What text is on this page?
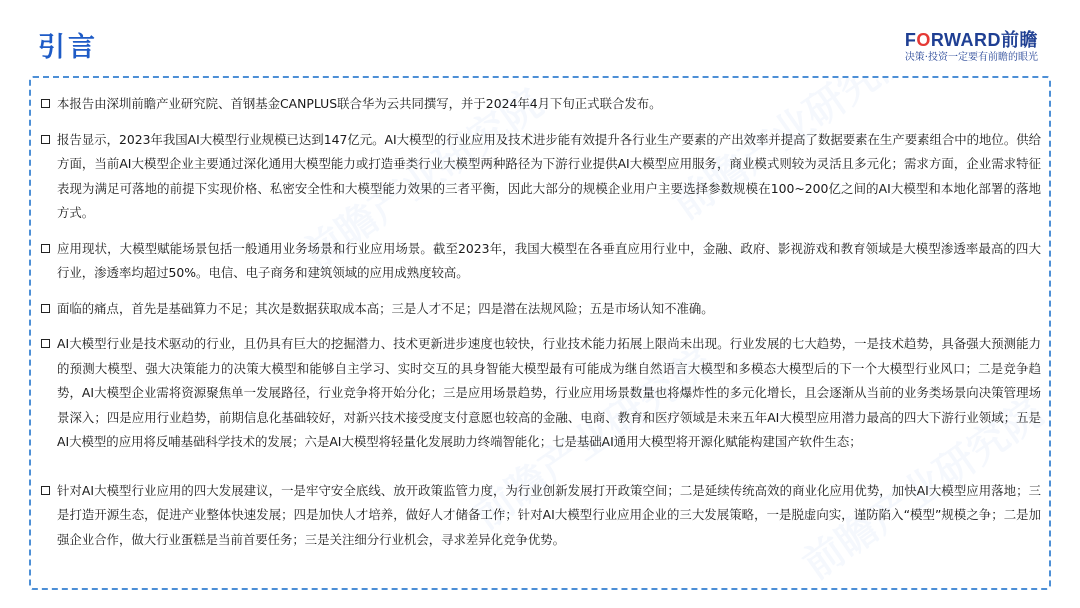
引言	FORWARD前瞻
决策·投资一定要有前瞻的眼光
本报告由深圳前瞻产业研究院、首钢基金CANPLUS联合华为云共同撰写，并于2024年4月下旬正式联合发布。
报告显示，2023年我国AI大模型行业规模已达到147亿元。AI大模型的行业应用及技术进步能有效提升各行业生产要素的产出效率并提高了数据要素在生产要素组合中的地位。供给方面，当前AI大模型企业主要通过深化通用大模型能力或打造垂类行业大模型两种路径为下游行业提供AI大模型应用服务，商业模式则较为灵活且多元化；需求方面，企业需求特征表现为满足可落地的前提下实现价格、私密安全性和大模型能力效果的三者平衡，因此大部分的规模企业用户主要选择参数规模在100~200亿之间的AI大模型和本地化部署的落地方式。
应用现状，大模型赋能场景包括一般通用业务场景和行业应用场景。截至2023年，我国大模型在各垂直应用行业中，金融、政府、影视游戏和教育领域是大模型渗透率最高的四大行业，渗透率均超过50%。电信、电子商务和建筑领域的应用成熟度较高。
面临的痛点，首先是基础算力不足；其次是数据获取成本高；三是人才不足；四是潜在法规风险；五是市场认知不准确。
AI大模型行业是技术驱动的行业，且仍具有巨大的挖掘潜力、技术更新进步速度也较快，行业技术能力拓展上限尚未出现。行业发展的七大趋势，一是技术趋势，具备强大预测能力的预测大模型、强大决策能力的决策大模型和能够自主学习、实时交互的具身智能大模型最有可能成为继自然语言大模型和多模态大模型后的下一个大模型行业风口；二是竞争趋势，AI大模型企业需将资源聚焦单一发展路径，行业竞争将开始分化；三是应用场景趋势，行业应用场景数量也将爆炸性的多元化增长，且会逐渐从当前的业务类场景向决策管理场景深入；四是应用行业趋势，前期信息化基础较好，对新兴技术接受度支付意愿也较高的金融、电商、教育和医疗领域是未来五年AI大模型应用潜力最高的四大下游行业领域；五是AI大模型的应用将反哺基础科学技术的发展；六是AI大模型将轻量化发展助力终端智能化；七是基础AI通用大模型将开源化赋能构建国产软件生态；
针对AI大模型行业应用的四大发展建议，一是牢守安全底线、放开政策监管力度，为行业创新发展打开政策空间；二是延续传统高效的商业化应用优势，加快AI大模型应用落地；三是打造开源生态，促进产业整体快速发展；四是加快人才培养，做好人才储备工作；针对AI大模型行业应用企业的三大发展策略，一是脱虚向实，谨防陷入“模型”规模之争；二是加强企业合作，做大行业蛋糕是当前首要任务；三是关注细分行业机会，寻求差异化竞争优势。
